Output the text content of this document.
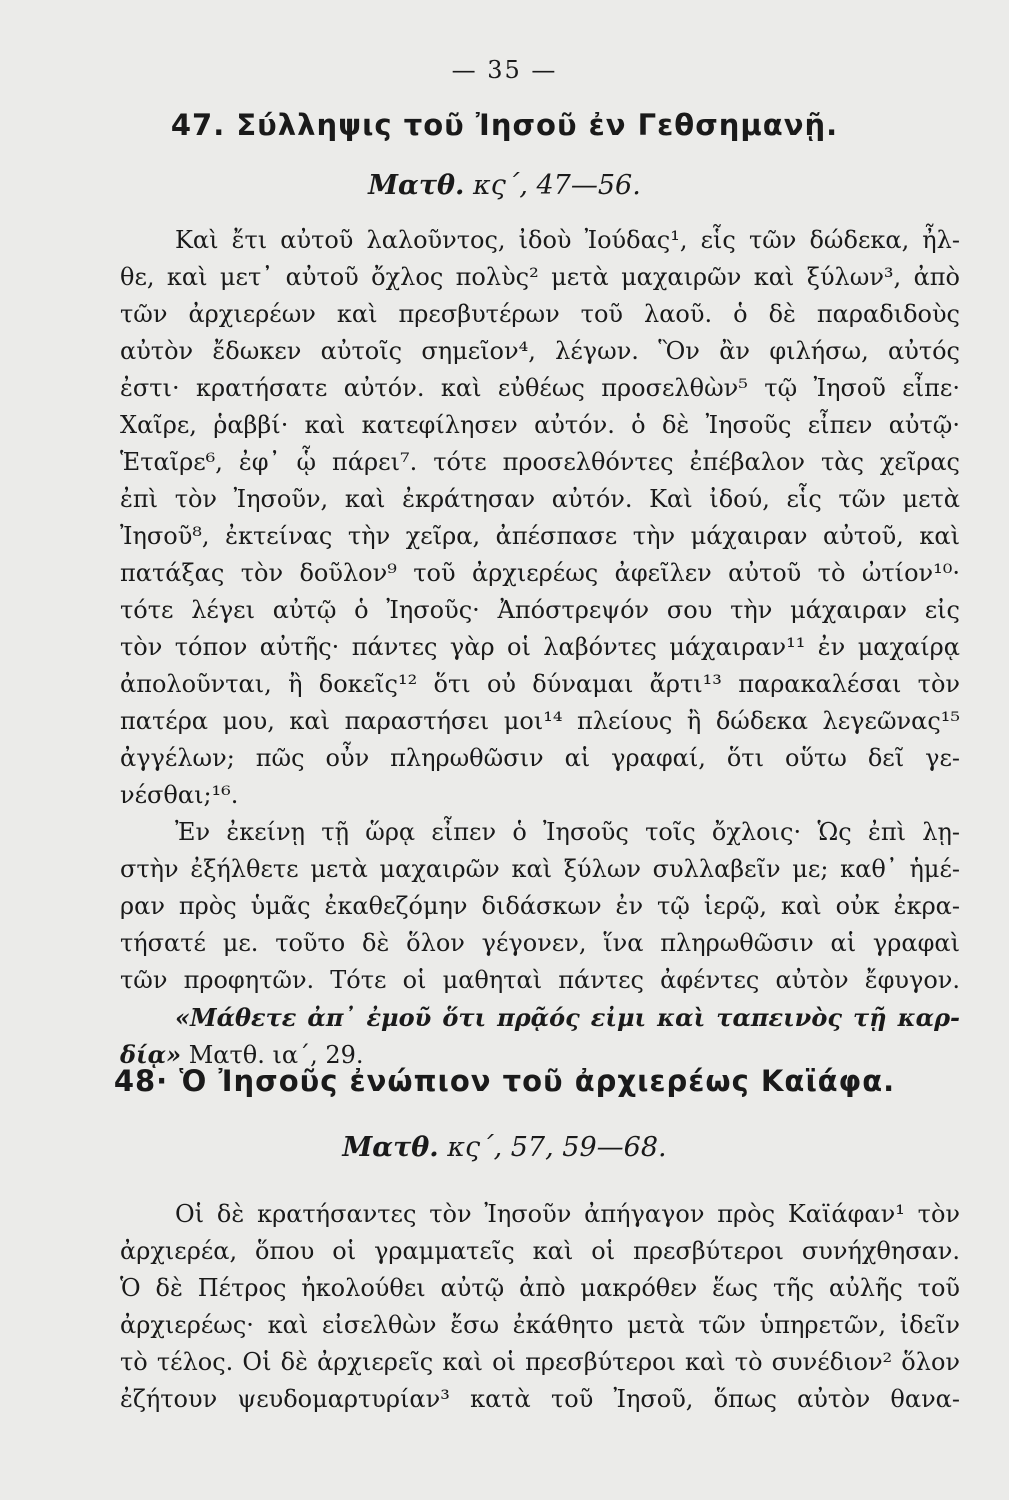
— 35 —
47. Σύλληψις τοῦ Ἰησοῦ ἐν Γεθσημανῇ.
Ματθ. κς΄, 47—56.
Καὶ ἔτι αὐτοῦ λαλοῦντος, ἰδοὺ Ἰούδας¹, εἷς τῶν δώδεκα, ἦλ-
θε, καὶ μετ᾽ αὐτοῦ ὄχλος πολὺς² μετὰ μαχαιρῶν καὶ ξύλων³, ἀπὸ
τῶν ἀρχιερέων καὶ πρεσβυτέρων τοῦ λαοῦ. ὁ δὲ παραδιδοὺς
αὐτὸν ἔδωκεν αὐτοῖς σημεῖον⁴, λέγων. Ὃν ἂν φιλήσω, αὐτός
ἐστι· κρατήσατε αὐτόν. καὶ εὐθέως προσελθὼν⁵ τῷ Ἰησοῦ εἶπε·
Χαῖρε, ῥαββί· καὶ κατεφίλησεν αὐτόν. ὁ δὲ Ἰησοῦς εἶπεν αὐτῷ·
Ἑταῖρε⁶, ἐφ᾽ ᾧ πάρει⁷. τότε προσελθόντες ἐπέβαλον τὰς χεῖρας
ἐπὶ τὸν Ἰησοῦν, καὶ ἐκράτησαν αὐτόν. Καὶ ἰδού, εἷς τῶν μετὰ
Ἰησοῦ⁸, ἐκτείνας τὴν χεῖρα, ἀπέσπασε τὴν μάχαιραν αὐτοῦ, καὶ
πατάξας τὸν δοῦλον⁹ τοῦ ἀρχιερέως ἀφεῖλεν αὐτοῦ τὸ ὠτίον¹⁰·
τότε λέγει αὐτῷ ὁ Ἰησοῦς· Ἀπόστρεψόν σου τὴν μάχαιραν εἰς
τὸν τόπον αὐτῆς· πάντες γὰρ οἱ λαβόντες μάχαιραν¹¹ ἐν μαχαίρᾳ
ἀπολοῦνται, ἢ δοκεῖς¹² ὅτι οὐ δύναμαι ἄρτι¹³ παρακαλέσαι τὸν
πατέρα μου, καὶ παραστήσει μοι¹⁴ πλείους ἢ δώδεκα λεγεῶνας¹⁵
ἀγγέλων; πῶς οὖν πληρωθῶσιν αἱ γραφαί, ὅτι οὕτω δεῖ γε-
νέσθαι;¹⁶.
Ἐν ἐκείνῃ τῇ ὥρᾳ εἶπεν ὁ Ἰησοῦς τοῖς ὄχλοις· Ὡς ἐπὶ λῃ-
στὴν ἐξήλθετε μετὰ μαχαιρῶν καὶ ξύλων συλλαβεῖν με; καθ᾽ ἡμέ-
ραν πρὸς ὑμᾶς ἐκαθεζόμην διδάσκων ἐν τῷ ἱερῷ, καὶ οὐκ ἐκρα-
τήσατέ με. τοῦτο δὲ ὅλον γέγονεν, ἵνα πληρωθῶσιν αἱ γραφαὶ
τῶν προφητῶν. Τότε οἱ μαθηταὶ πάντες ἀφέντες αὐτὸν ἔφυγον.
«Μάθετε ἀπ᾽ ἐμοῦ ὅτι πρᾷός εἰμι καὶ ταπεινὸς τῇ καρ-
δίᾳ» Ματθ. ια΄, 29.
48· Ὁ Ἰησοῦς ἐνώπιον τοῦ ἀρχιερέως Καϊάφα.
Ματθ. κς΄, 57, 59—68.
Οἱ δὲ κρατήσαντες τὸν Ἰησοῦν ἀπήγαγον πρὸς Καϊάφαν¹ τὸν
ἀρχιερέα, ὅπου οἱ γραμματεῖς καὶ οἱ πρεσβύτεροι συνήχθησαν.
Ὁ δὲ Πέτρος ἠκολούθει αὐτῷ ἀπὸ μακρόθεν ἕως τῆς αὐλῆς τοῦ
ἀρχιερέως· καὶ εἰσελθὼν ἔσω ἐκάθητο μετὰ τῶν ὑπηρετῶν, ἰδεῖν
τὸ τέλος. Οἱ δὲ ἀρχιερεῖς καὶ οἱ πρεσβύτεροι καὶ τὸ συνέδιον² ὅλον
ἐζήτουν ψευδομαρτυρίαν³ κατὰ τοῦ Ἰησοῦ, ὅπως αὐτὸν θανα-
